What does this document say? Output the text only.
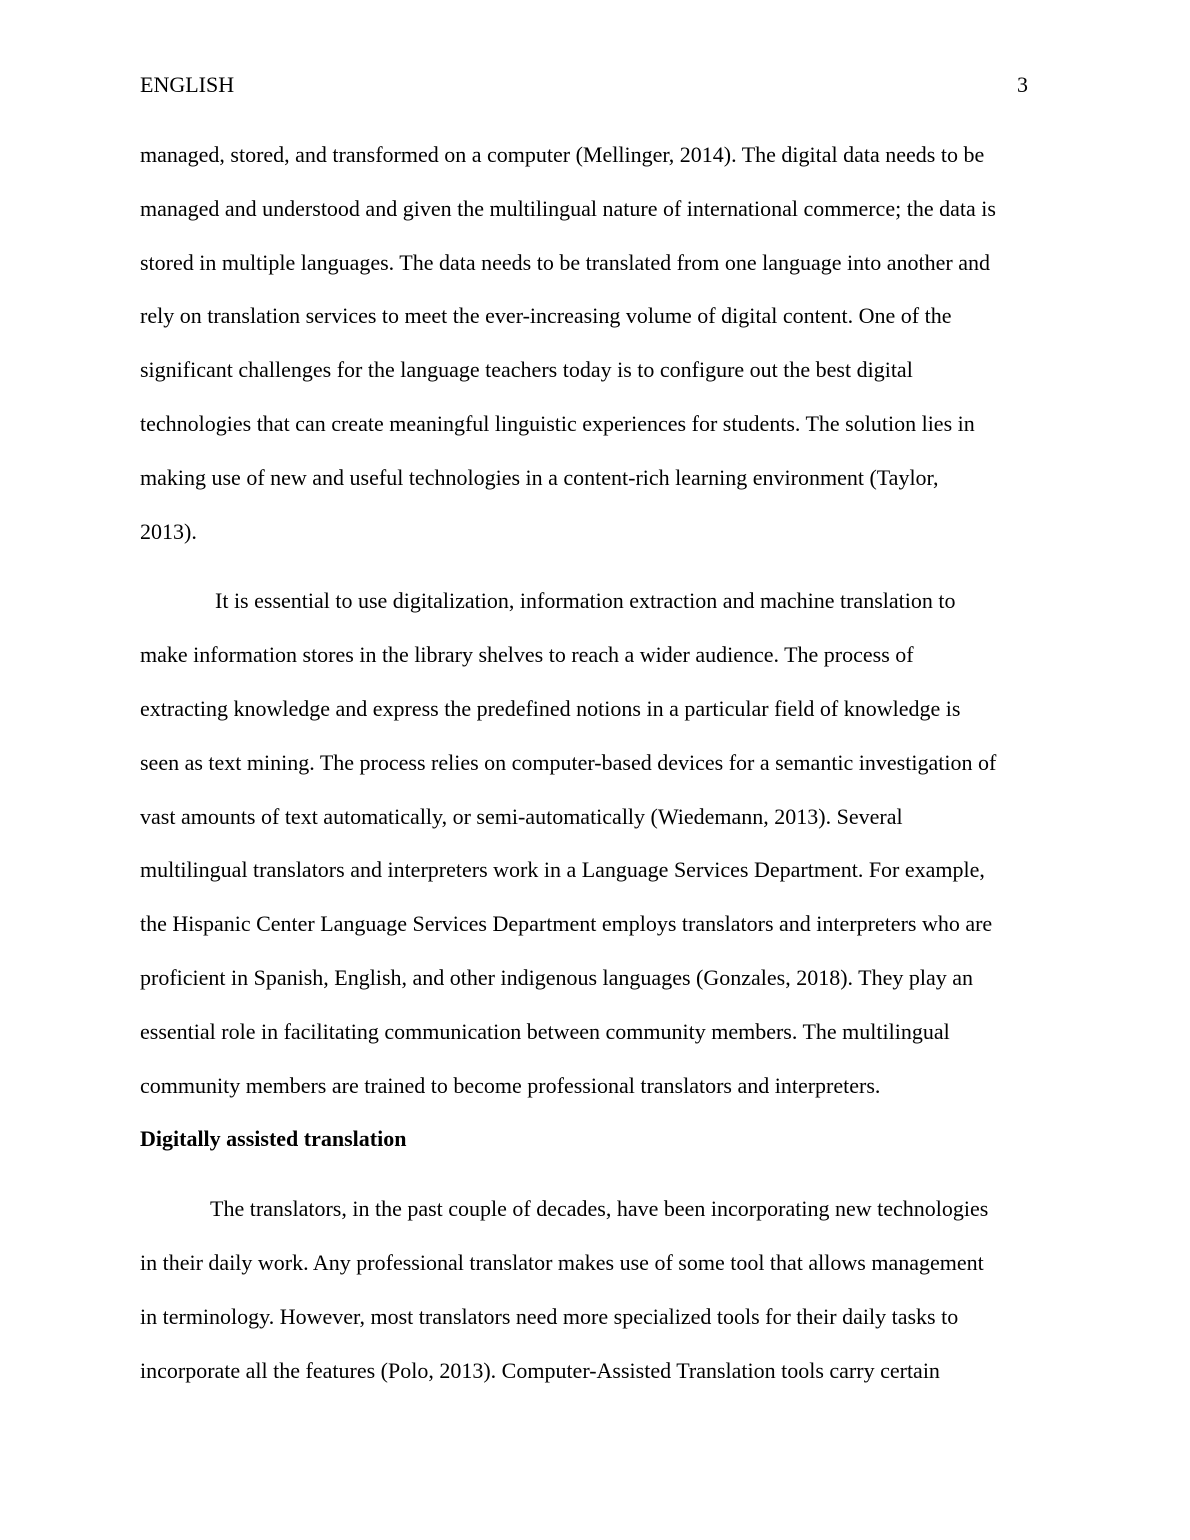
ENGLISH	3
managed, stored, and transformed on a computer (Mellinger, 2014). The digital data needs to be
managed and understood and given the multilingual nature of international commerce; the data is
stored in multiple languages. The data needs to be translated from one language into another and
rely on translation services to meet the ever-increasing volume of digital content. One of the
significant challenges for the language teachers today is to configure out the best digital
technologies that can create meaningful linguistic experiences for students. The solution lies in
making use of new and useful technologies in a content-rich learning environment (Taylor,
2013).
It is essential to use digitalization, information extraction and machine translation to
make information stores in the library shelves to reach a wider audience. The process of
extracting knowledge and express the predefined notions in a particular field of knowledge is
seen as text mining. The process relies on computer-based devices for a semantic investigation of
vast amounts of text automatically, or semi-automatically (Wiedemann, 2013). Several
multilingual translators and interpreters work in a Language Services Department. For example,
the Hispanic Center Language Services Department employs translators and interpreters who are
proficient in Spanish, English, and other indigenous languages (Gonzales, 2018). They play an
essential role in facilitating communication between community members. The multilingual
community members are trained to become professional translators and interpreters.
Digitally assisted translation
The translators, in the past couple of decades, have been incorporating new technologies
in their daily work. Any professional translator makes use of some tool that allows management
in terminology. However, most translators need more specialized tools for their daily tasks to
incorporate all the features (Polo, 2013). Computer-Assisted Translation tools carry certain
